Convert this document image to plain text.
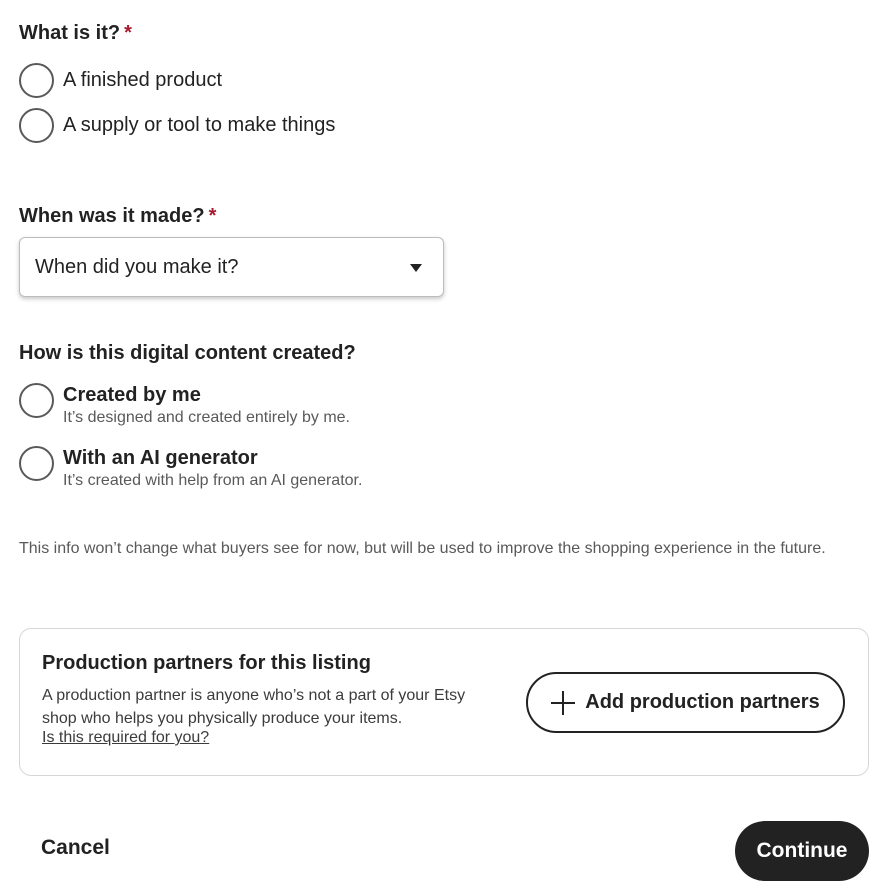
What is it? *
A finished product
A supply or tool to make things
When was it made? *
When did you make it?
How is this digital content created?
Created by me
It’s designed and created entirely by me.
With an AI generator
It’s created with help from an AI generator.
This info won’t change what buyers see for now, but will be used to improve the shopping experience in the future.
Production partners for this listing
A production partner is anyone who’s not a part of your Etsy shop who helps you physically produce your items.
Is this required for you?
Add production partners
Cancel	Continue
